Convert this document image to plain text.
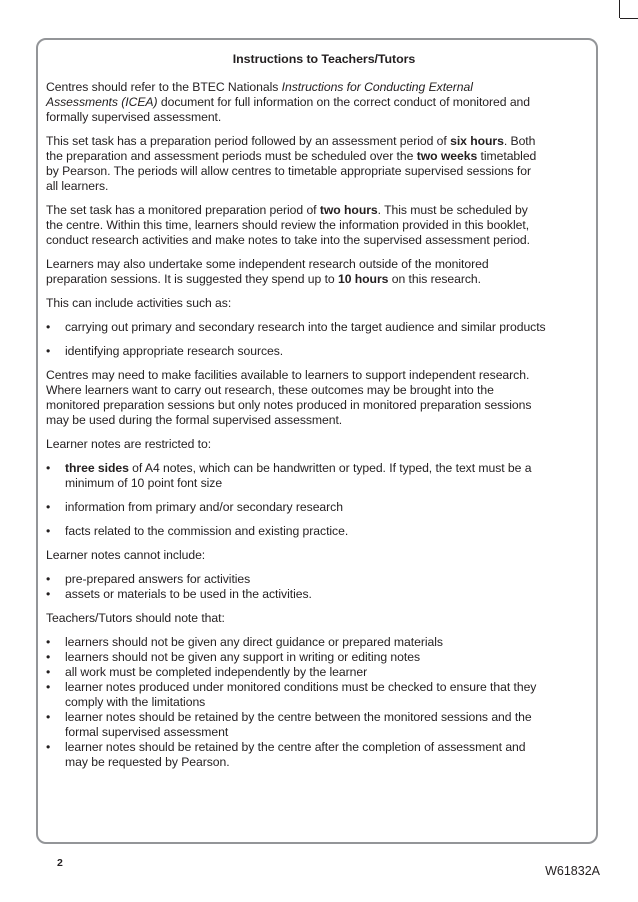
Instructions to Teachers/Tutors

Centres should refer to the BTEC Nationals Instructions for Conducting External Assessments (ICEA) document for full information on the correct conduct of monitored and formally supervised assessment.

This set task has a preparation period followed by an assessment period of six hours. Both the preparation and assessment periods must be scheduled over the two weeks timetabled by Pearson. The periods will allow centres to timetable appropriate supervised sessions for all learners.

The set task has a monitored preparation period of two hours. This must be scheduled by the centre. Within this time, learners should review the information provided in this booklet, conduct research activities and make notes to take into the supervised assessment period.

Learners may also undertake some independent research outside of the monitored preparation sessions. It is suggested they spend up to 10 hours on this research.

This can include activities such as:

• carrying out primary and secondary research into the target audience and similar products
• identifying appropriate research sources.

Centres may need to make facilities available to learners to support independent research. Where learners want to carry out research, these outcomes may be brought into the monitored preparation sessions but only notes produced in monitored preparation sessions may be used during the formal supervised assessment.

Learner notes are restricted to:

• three sides of A4 notes, which can be handwritten or typed. If typed, the text must be a minimum of 10 point font size
• information from primary and/or secondary research
• facts related to the commission and existing practice.

Learner notes cannot include:

• pre-prepared answers for activities
• assets or materials to be used in the activities.

Teachers/Tutors should note that:

• learners should not be given any direct guidance or prepared materials
• learners should not be given any support in writing or editing notes
• all work must be completed independently by the learner
• learner notes produced under monitored conditions must be checked to ensure that they comply with the limitations
• learner notes should be retained by the centre between the monitored sessions and the formal supervised assessment
• learner notes should be retained by the centre after the completion of assessment and may be requested by Pearson.
2
W61832A
